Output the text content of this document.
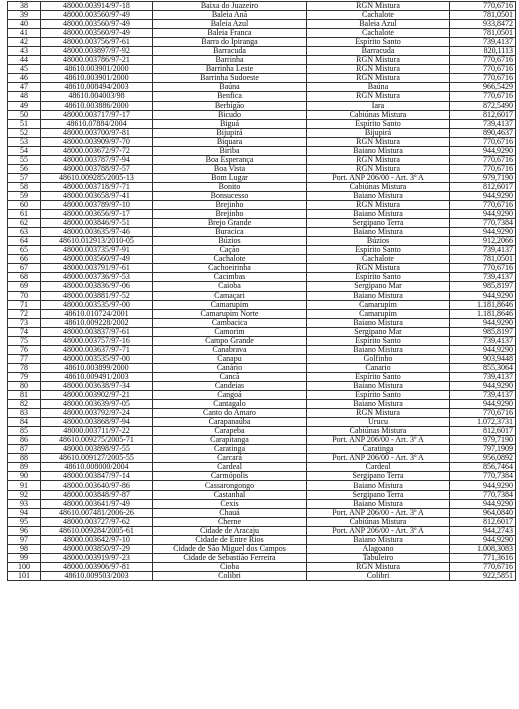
38	48000.003914/97-18	Baixa do Juazeiro	RGN Mistura	770,6716
39	48000.003560/97-49	Baleia Anã	Cachalote	781,0501
40	48000.003560/97-49	Baleia Azul	Baleia Azul	933,8472
41	48000.003560/97-49	Baleia Franca	Cachalote	781,0501
42	48000.003756/97-61	Barra do Ipiranga	Espírito Santo	739,4137
43	48000.003897/97-92	Barracuda	Barracuda	820,1113
44	48000.003786/97-21	Barrinha	RGN Mistura	770,6716
45	48610.003901/2000	Barrinha Leste	RGN Mistura	770,6716
46	48610.003901/2000	Barrinha Sudoeste	RGN Mistura	770,6716
47	48610.008494/2003	Baúna	Baúna	966,5429
48	48610.004003/98	Benfica	RGN Mistura	770,6716
49	48610.003886/2000	Berbigão	Iara	872,5490
50	48000.003717/97-17	Bicudo	Cabiúnas Mistura	812,6017
51	48610.07884/2004	Biguá	Espírito Santo	739,4137
52	48000.003700/97-81	Bijupirá	Bijupirá	890,4637
53	48000.003909/97-70	Biquara	RGN Mistura	770,6716
54	48000.003672/97-72	Biriba	Baiano Mistura	944,9290
55	48000.003787/97-94	Boa Esperança	RGN Mistura	770,6716
56	48000.003788/97-57	Boa Vista	RGN Mistura	770,6716
57	48610.009285/2005-13	Bom Lugar	Port. ANP 206/00 - Art. 3º A	979,7190
58	48000.003718/97-71	Bonito	Cabiúnas Mistura	812,6017
59	48000.003658/97-41	Bonsucesso	Baiano Mistura	944,9290
60	48000.003789/97-10	Brejinho	RGN Mistura	770,6716
61	48000.003656/97-17	Brejinho	Baiano Mistura	944,9290
62	48000.003846/97-51	Brejo Grande	Sergipano Terra	770,7384
63	48000.003635/97-46	Buracica	Baiano Mistura	944,9290
64	48610.012913/2010-05	Búzios	Búzios	912,2066
65	48000.003735/97-91	Cação	Espírito Santo	739,4137
66	48000.003560/97-49	Cachalote	Cachalote	781,0501
67	48000.003791/97-61	Cachoeirinha	RGN Mistura	770,6716
68	48000.003736/97-53	Cacimbas	Espírito Santo	739,4137
69	48000.003836/97-06	Caioba	Sergipano Mar	985,8197
70	48000.003881/97-52	Camaçari	Baiano Mistura	944,9290
71	48000.003535/97-00	Camarupim	Camarupim	1.181,8646
72	48610.010724/2001	Camarupim Norte	Camarupim	1.181,8646
73	48610.009228/2002	Cambacica	Baiano Mistura	944,9290
74	48000.003837/97-61	Camorim	Sergipano Mar	985,8197
75	48000.003757/97-16	Campo Grande	Espírito Santo	739,4137
76	48000.003637/97-71	Canabrava	Baiano Mistura	944,9290
77	48000.003535/97-00	Canapu	Golfinho	903,9448
78	48610.003899/2000	Canário	Canario	855,3064
79	48610.009491/2003	Cancã	Espírito Santo	739,4137
80	48000.003638/97-34	Candeias	Baiano Mistura	944,9290
81	48000.003902/97-21	Cangoá	Espírito Santo	739,4137
82	48000.003639/97-05	Cantagalo	Baiano Mistura	944,9290
83	48000.003792/97-24	Canto do Amaro	RGN Mistura	770,6716
84	48000.003868/97-94	Carapanaúba	Urucu	1.072,3731
85	48000.003711/97-22	Carapeba	Cabiúnas Mistura	812,6017
86	48610.009275/2005-71	Carapitanga	Port. ANP 206/00 - Art. 3º A	979,7190
87	48000.003898/97-55	Caratinga	Caratinga	797,1909
88	48610.009127/2005-55	Carcará	Port. ANP 206/00 - Art. 3º A	956,0892
89	48610.008000/2004	Cardeal	Cardeal	856,7464
90	48000.003847/97-14	Carmópolis	Sergipano Terra	770,7384
91	48000.003640/97-86	Cassarongongo	Baiano Mistura	944,9290
92	48000.003848/97-87	Castanhal	Sergipano Terra	770,7384
93	48000.003641/97-49	Cexis	Baiano Mistura	944,9290
94	48610.007481/2006-26	Chauá	Port. ANP 206/00 - Art. 3º A	964,0840
95	48000.003727/97-62	Cherne	Cabiúnas Mistura	812,6017
96	48610.009284/2005-61	Cidade de Aracaju	Port. ANP 206/00 - Art. 3º A	944,2743
97	48000.003642/97-10	Cidade de Entre Rios	Baiano Mistura	944,9290
98	48000.003850/97-29	Cidade de São Miguel dos Campos	Alagoano	1.008,3083
99	48000.003919/97-23	Cidade de Sebastião Ferreira	Tabuleiro	771,3616
100	48000.003906/97-81	Cioba	RGN Mistura	770,6716
101	48610.009503/2003	Colibri	Colibri	922,5851
